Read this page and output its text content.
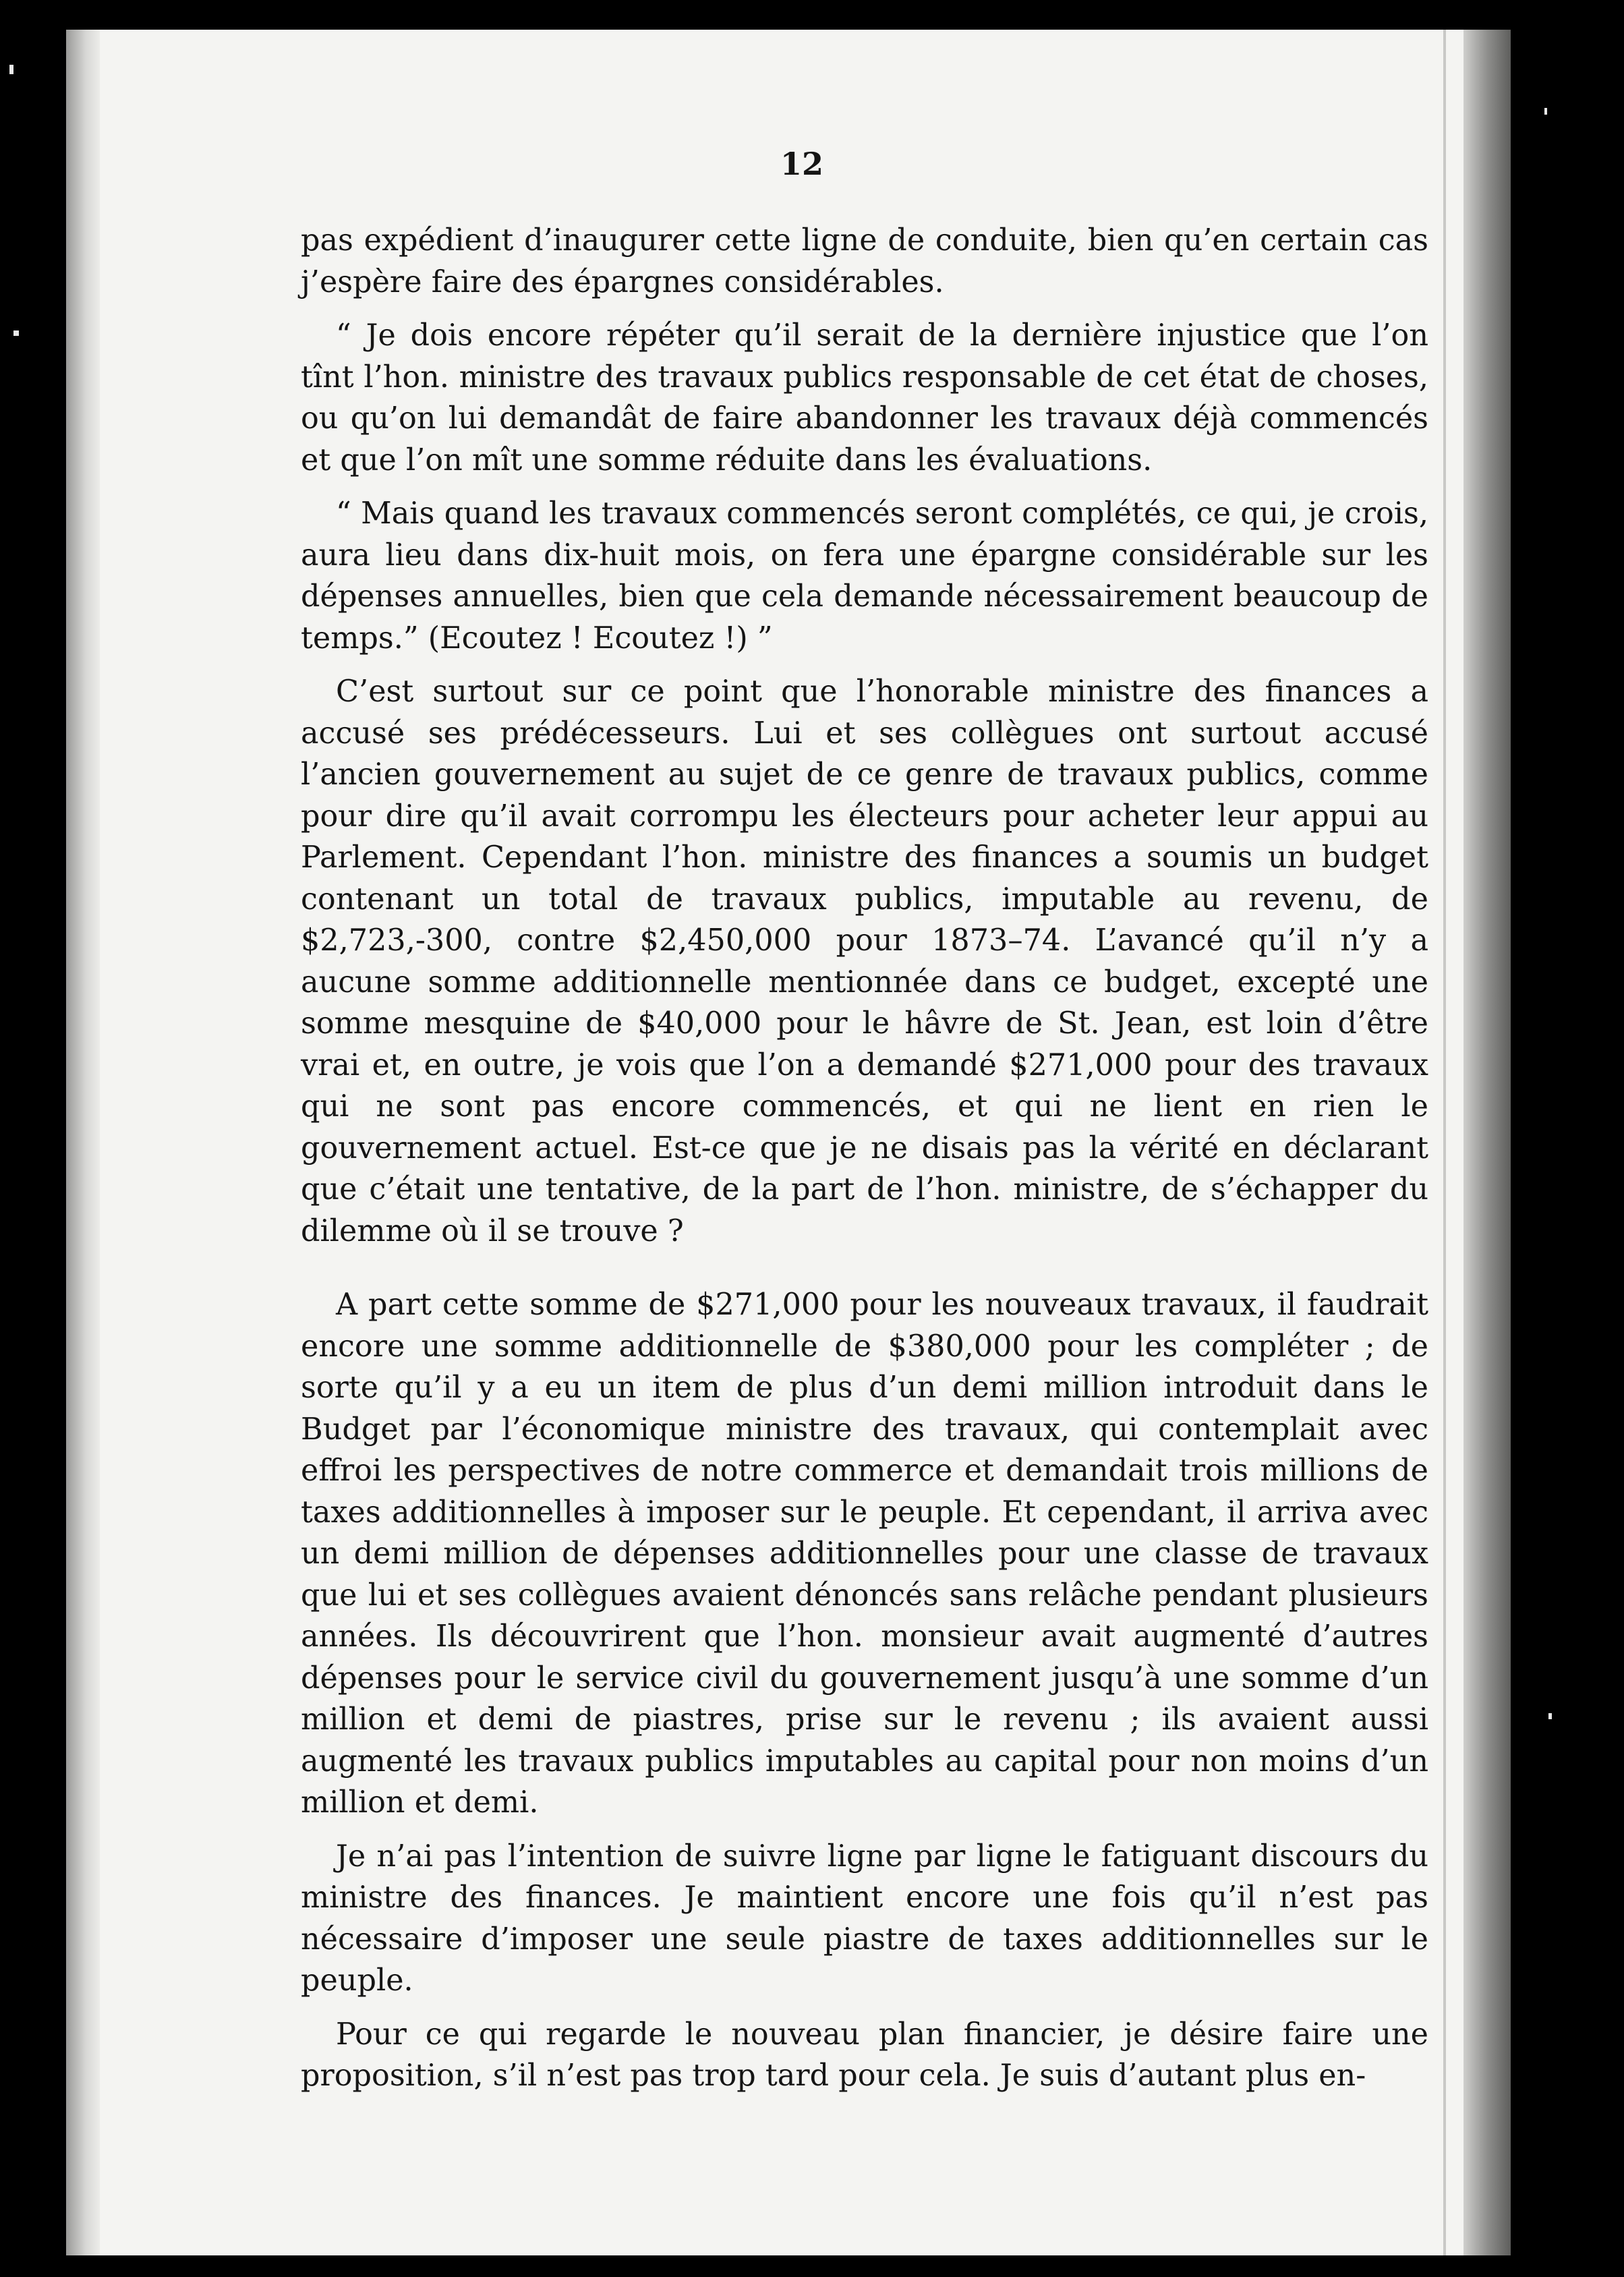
12

pas expédient d’inaugurer cette ligne de conduite, bien qu’en certain cas j’espère faire des épargnes considérables.

“ Je dois encore répéter qu’il serait de la dernière injustice que l’on tînt l’hon. ministre des travaux publics responsable de cet état de choses, ou qu’on lui demandât de faire abandonner les travaux déjà commencés et que l’on mît une somme réduite dans les évaluations.

“ Mais quand les travaux commencés seront complétés, ce qui, je crois, aura lieu dans dix-huit mois, on fera une épargne considérable sur les dépenses annuelles, bien que cela demande nécessairement beaucoup de temps.” (Ecoutez ! Ecoutez !) ”

C’est surtout sur ce point que l’honorable ministre des finances a accusé ses prédécesseurs. Lui et ses collègues ont surtout accusé l’ancien gouvernement au sujet de ce genre de travaux publics, comme pour dire qu’il avait corrompu les électeurs pour acheter leur appui au Parlement. Cependant l’hon. ministre des finances a soumis un budget contenant un total de travaux publics, imputable au revenu, de $2,723,-300, contre $2,450,000 pour 1873–74. L’avancé qu’il n’y a aucune somme additionnelle mentionnée dans ce budget, excepté une somme mesquine de $40,000 pour le hâvre de St. Jean, est loin d’être vrai et, en outre, je vois que l’on a demandé $271,000 pour des travaux qui ne sont pas encore commencés, et qui ne lient en rien le gouvernement actuel. Est-ce que je ne disais pas la vérité en déclarant que c’était une tentative, de la part de l’hon. ministre, de s’échapper du dilemme où il se trouve ?

A part cette somme de $271,000 pour les nouveaux travaux, il faudrait encore une somme additionnelle de $380,000 pour les compléter ; de sorte qu’il y a eu un item de plus d’un demi million introduit dans le Budget par l’économique ministre des travaux, qui contemplait avec effroi les perspectives de notre commerce et demandait trois millions de taxes additionnelles à imposer sur le peuple. Et cependant, il arriva avec un demi million de dépenses additionnelles pour une classe de travaux que lui et ses collègues avaient dénoncés sans relâche pendant plusieurs années. Ils découvrirent que l’hon. monsieur avait augmenté d’autres dépenses pour le service civil du gouvernement jusqu’à une somme d’un million et demi de piastres, prise sur le revenu ; ils avaient aussi augmenté les travaux publics imputables au capital pour non moins d’un million et demi.

Je n’ai pas l’intention de suivre ligne par ligne le fatiguant discours du ministre des finances. Je maintient encore une fois qu’il n’est pas nécessaire d’imposer une seule piastre de taxes additionnelles sur le peuple.

Pour ce qui regarde le nouveau plan financier, je désire faire une proposition, s’il n’est pas trop tard pour cela. Je suis d’autant plus en-
